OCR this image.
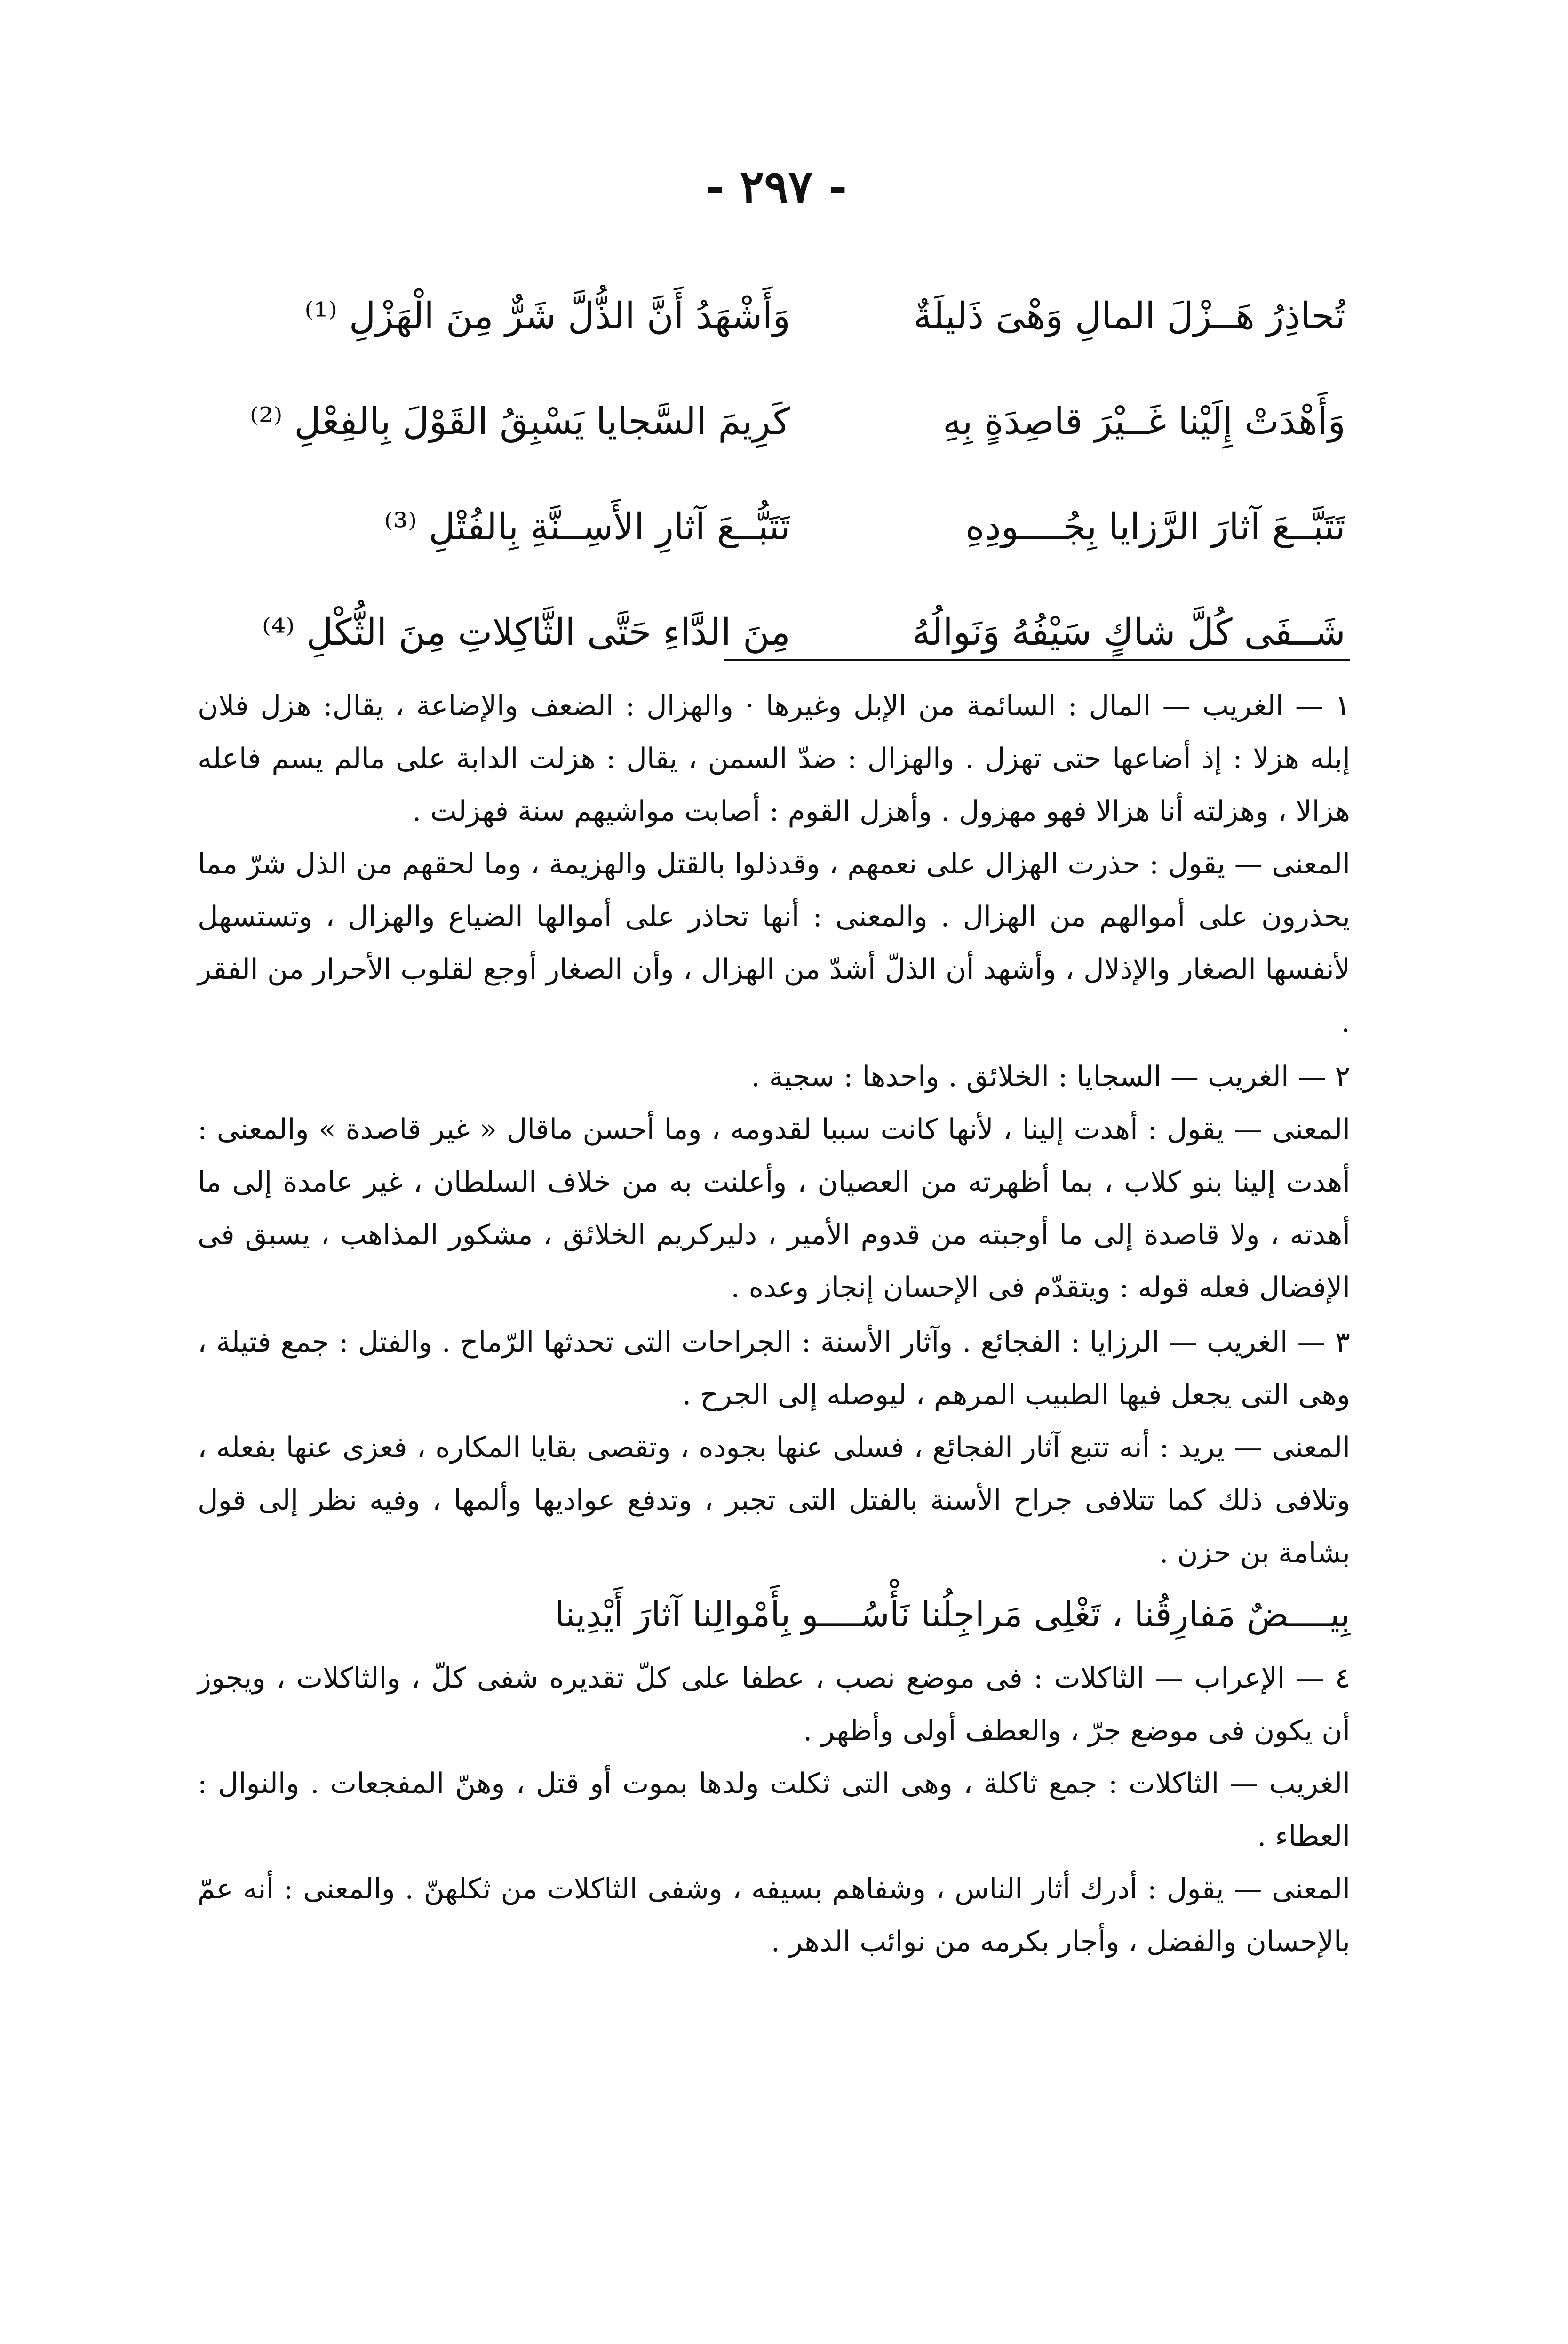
- ٢٩٧ -
تُحاذِرُ هَــزْلَ المالِ وَهْىَ ذَليلَةٌ
وَأَشْهَدُ أَنَّ الذُّلَّ شَرٌّ مِنَ الْهَزْلِ ⁽¹⁾
وَأَهْدَتْ إِلَيْنا غَــيْرَ قاصِدَةٍ بِهِ
كَرِيمَ السَّجايا يَسْبِقُ القَوْلَ بِالفِعْلِ ⁽²⁾
تَتَبَّــعَ آثارَ الرَّزايا بِجُــــودِهِ
تَتَبُّــعَ آثارِ الأَسِــنَّةِ بِالفُتْلِ ⁽³⁾
شَــفَى كُلَّ شاكٍ سَيْفُهُ وَنَوالُهُ
مِنَ الدَّاءِ حَتَّى الثَّاكِلاتِ مِنَ الثُّكْلِ ⁽⁴⁾

١ — الغريب — المال : السائمة من الإبل وغيرها · والهزال : الضعف والإضاعة ، يقال: هزل فلان إبله هزلا : إذ أضاعها حتى تهزل . والهزال : ضدّ السمن ، يقال : هزلت الدابة على مالم يسم فاعله هزالا ، وهزلته أنا هزالا فهو مهزول . وأهزل القوم : أصابت مواشيهم سنة فهزلت .

المعنى — يقول : حذرت الهزال على نعمهم ، وقدذلوا بالقتل والهزيمة ، وما لحقهم من الذل شرّ مما يحذرون على أموالهم من الهزال . والمعنى : أنها تحاذر على أموالها الضياع والهزال ، وتستسهل لأنفسها الصغار والإذلال ، وأشهد أن الذلّ أشدّ من الهزال ، وأن الصغار أوجع لقلوب الأحرار من الفقر .

٢ — الغريب — السجايا : الخلائق . واحدها : سجية .

المعنى — يقول : أهدت إلينا ، لأنها كانت سببا لقدومه ، وما أحسن ماقال « غير قاصدة » والمعنى : أهدت إلينا بنو كلاب ، بما أظهرته من العصيان ، وأعلنت به من خلاف السلطان ، غير عامدة إلى ما أهدته ، ولا قاصدة إلى ما أوجبته من قدوم الأمير ، دليركريم الخلائق ، مشكور المذاهب ، يسبق فى الإفضال فعله قوله : ويتقدّم فى الإحسان إنجاز وعده .

٣ — الغريب — الرزايا : الفجائع . وآثار الأسنة : الجراحات التى تحدثها الرّماح . والفتل : جمع فتيلة ، وهى التى يجعل فيها الطبيب المرهم ، ليوصله إلى الجرح .

المعنى — يريد : أنه تتبع آثار الفجائع ، فسلى عنها بجوده ، وتقصى بقايا المكاره ، فعزى عنها بفعله ، وتلافى ذلك كما تتلافى جراح الأسنة بالفتل التى تجبر ، وتدفع عواديها وألمها ، وفيه نظر إلى قول بشامة بن حزن .

بِيــــضٌ مَفارِقُنا ، تَغْلِى مَراجِلُنا نَأْسُــــو بِأَمْوالِنا آثارَ أَيْدِينا

٤ — الإعراب — الثاكلات : فى موضع نصب ، عطفا على كلّ تقديره شفى كلّ ، والثاكلات ، ويجوز أن يكون فى موضع جرّ ، والعطف أولى وأظهر .

الغريب — الثاكلات : جمع ثاكلة ، وهى التى ثكلت ولدها بموت أو قتل ، وهنّ المفجعات . والنوال : العطاء .

المعنى — يقول : أدرك أثار الناس ، وشفاهم بسيفه ، وشفى الثاكلات من ثكلهنّ . والمعنى : أنه عمّ بالإحسان والفضل ، وأجار بكرمه من نوائب الدهر .
